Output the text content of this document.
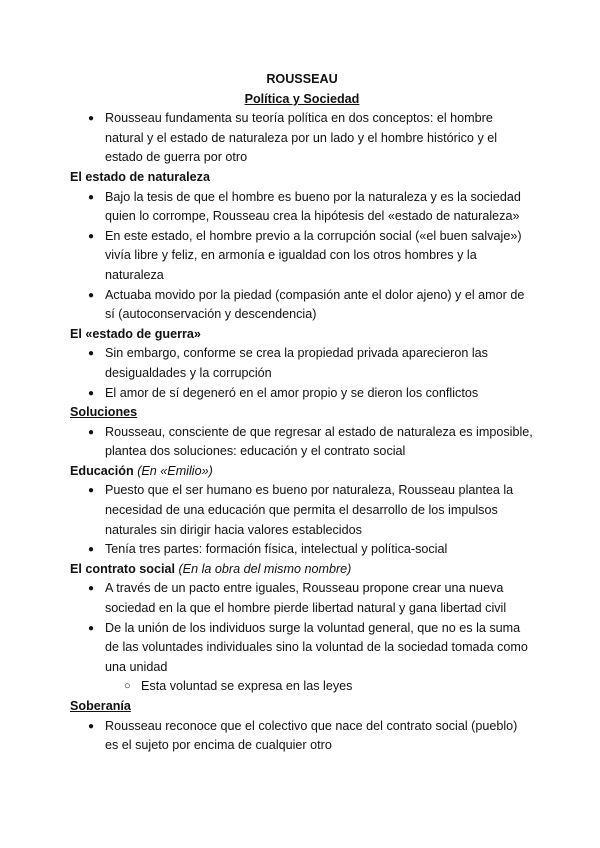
ROUSSEAU

Política y Sociedad

● Rousseau fundamenta su teoría política en dos conceptos: el hombre natural y el estado de naturaleza por un lado y el hombre histórico y el estado de guerra por otro

El estado de naturaleza

● Bajo la tesis de que el hombre es bueno por la naturaleza y es la sociedad quien lo corrompe, Rousseau crea la hipótesis del «estado de naturaleza»
● En este estado, el hombre previo a la corrupción social («el buen salvaje») vivía libre y feliz, en armonía e igualdad con los otros hombres y la naturaleza
● Actuaba movido por la piedad (compasión ante el dolor ajeno) y el amor de sí (autoconservación y descendencia)

El «estado de guerra»

● Sin embargo, conforme se crea la propiedad privada aparecieron las desigualdades y la corrupción
● El amor de sí degeneró en el amor propio y se dieron los conflictos

Soluciones

● Rousseau, consciente de que regresar al estado de naturaleza es imposible, plantea dos soluciones: educación y el contrato social

Educación (En «Emilio»)

● Puesto que el ser humano es bueno por naturaleza, Rousseau plantea la necesidad de una educación que permita el desarrollo de los impulsos naturales sin dirigir hacia valores establecidos
● Tenía tres partes: formación física, intelectual y política-social

El contrato social (En la obra del mismo nombre)

● A través de un pacto entre iguales, Rousseau propone crear una nueva sociedad en la que el hombre pierde libertad natural y gana libertad civil
● De la unión de los individuos surge la voluntad general, que no es la suma de las voluntades individuales sino la voluntad de la sociedad tomada como una unidad
○ Esta voluntad se expresa en las leyes

Soberanía

● Rousseau reconoce que el colectivo que nace del contrato social (pueblo) es el sujeto por encima de cualquier otro
